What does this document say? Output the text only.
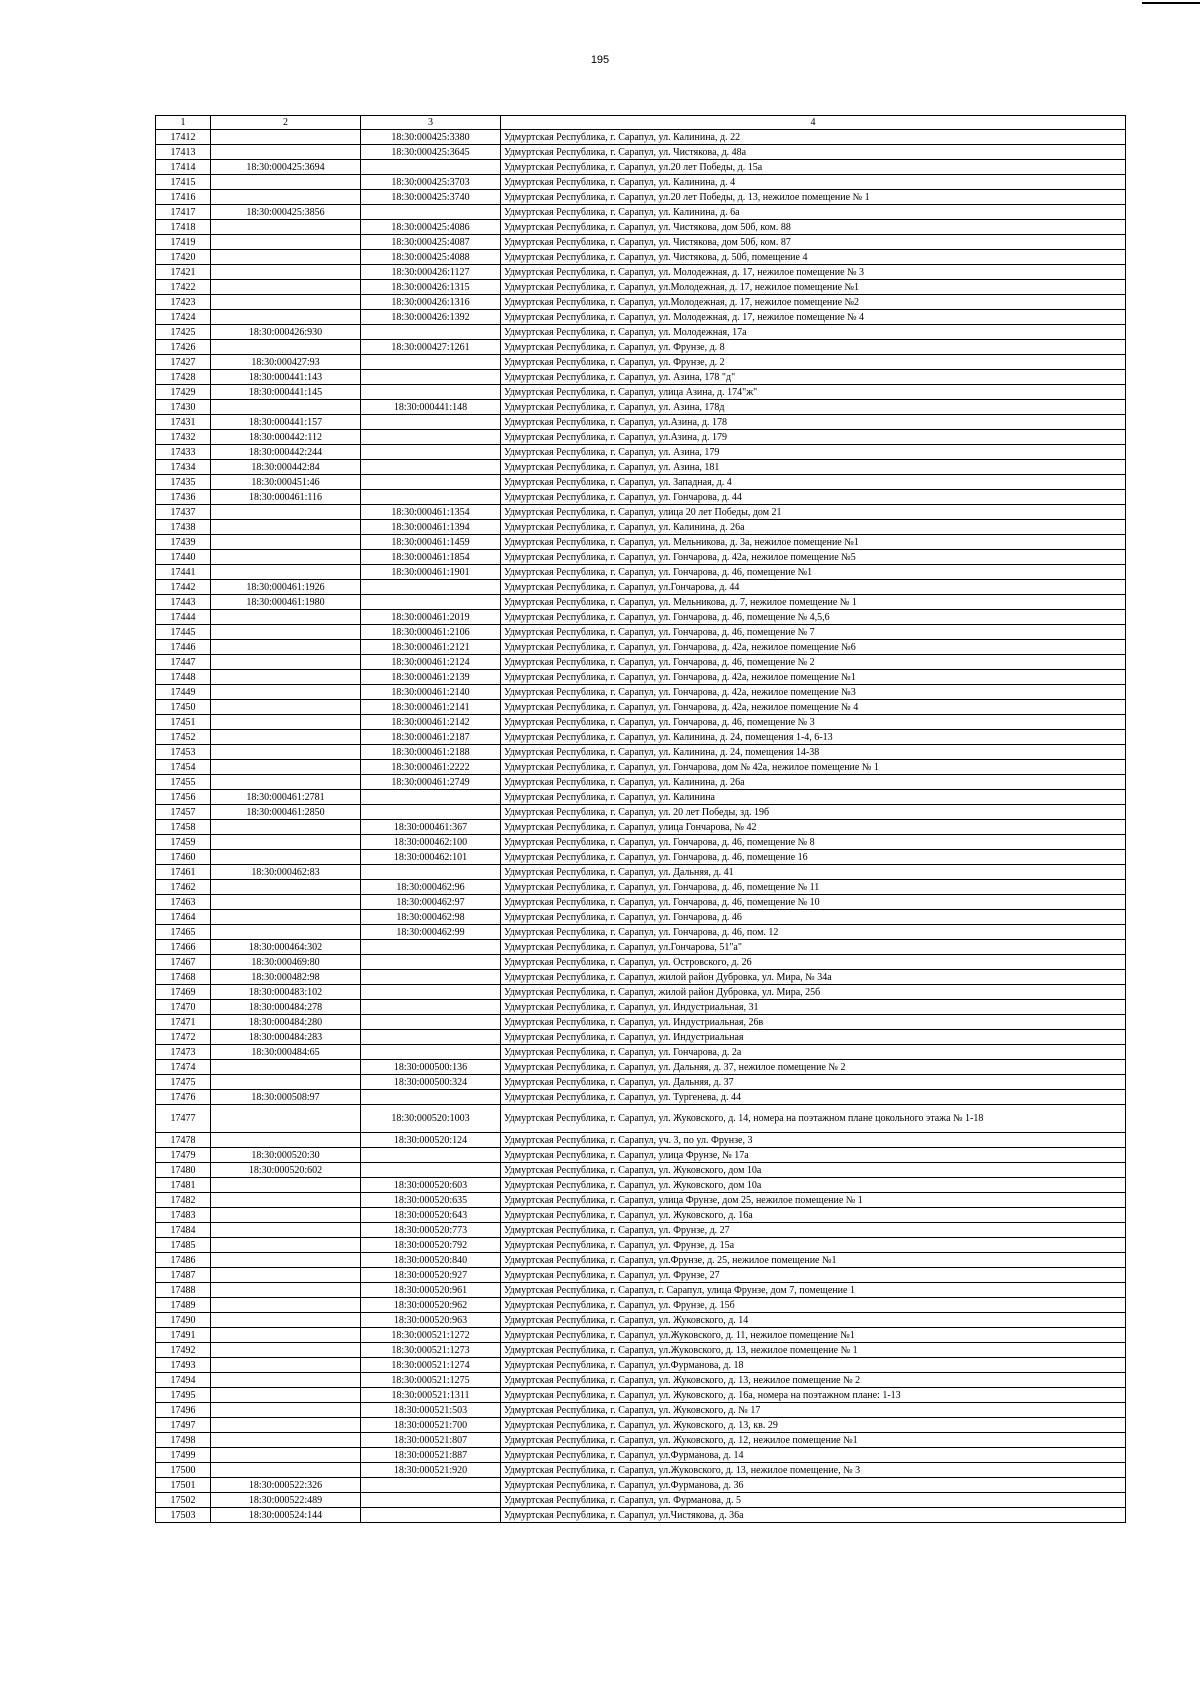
195
1	2	3	4
17412		18:30:000425:3380	Удмуртская Республика, г. Сарапул, ул. Калинина, д. 22
17413		18:30:000425:3645	Удмуртская Республика, г. Сарапул, ул. Чистякова, д. 48а
17414	18:30:000425:3694		Удмуртская Республика, г. Сарапул, ул.20 лет Победы, д. 15а
17415		18:30:000425:3703	Удмуртская Республика, г. Сарапул, ул. Калинина, д. 4
17416		18:30:000425:3740	Удмуртская Республика, г. Сарапул, ул.20 лет Победы, д. 13, нежилое помещение № 1
17417	18:30:000425:3856		Удмуртская Республика, г. Сарапул, ул. Калинина, д. 6а
17418		18:30:000425:4086	Удмуртская Республика, г. Сарапул, ул. Чистякова, дом 50б, ком. 88
17419		18:30:000425:4087	Удмуртская Республика, г. Сарапул, ул. Чистякова, дом 50б, ком. 87
17420		18:30:000425:4088	Удмуртская Республика, г. Сарапул, ул. Чистякова, д. 50б, помещение 4
17421		18:30:000426:1127	Удмуртская Республика, г. Сарапул, ул. Молодежная, д. 17, нежилое помещение № 3
17422		18:30:000426:1315	Удмуртская Республика, г. Сарапул, ул.Молодежная, д. 17, нежилое помещение №1
17423		18:30:000426:1316	Удмуртская Республика, г. Сарапул, ул.Молодежная, д. 17, нежилое помещение №2
17424		18:30:000426:1392	Удмуртская Республика, г. Сарапул, ул. Молодежная, д. 17, нежилое помещение № 4
17425	18:30:000426:930		Удмуртская Республика, г. Сарапул, ул. Молодежная, 17а
17426		18:30:000427:1261	Удмуртская Республика, г. Сарапул, ул. Фрунзе, д. 8
17427	18:30:000427:93		Удмуртская Республика, г. Сарапул, ул. Фрунзе, д. 2
17428	18:30:000441:143		Удмуртская Республика, г. Сарапул, ул. Азина, 178 "д"
17429	18:30:000441:145		Удмуртская Республика, г. Сарапул, улица Азина, д. 174"ж"
17430		18:30:000441:148	Удмуртская Республика, г. Сарапул, ул. Азина, 178д
17431	18:30:000441:157		Удмуртская Республика, г. Сарапул, ул.Азина, д. 178
17432	18:30:000442:112		Удмуртская Республика, г. Сарапул, ул.Азина, д. 179
17433	18:30:000442:244		Удмуртская Республика, г. Сарапул, ул. Азина, 179
17434	18:30:000442:84		Удмуртская Республика, г. Сарапул, ул. Азина, 181
17435	18:30:000451:46		Удмуртская Республика, г. Сарапул, ул. Западная, д. 4
17436	18:30:000461:116		Удмуртская Республика, г. Сарапул, ул. Гончарова, д. 44
17437		18:30:000461:1354	Удмуртская Республика, г. Сарапул, улица 20 лет Победы, дом 21
17438		18:30:000461:1394	Удмуртская Республика, г. Сарапул, ул. Калинина, д. 26а
17439		18:30:000461:1459	Удмуртская Республика, г. Сарапул, ул. Мельникова, д. 3а, нежилое помещение №1
17440		18:30:000461:1854	Удмуртская Республика, г. Сарапул, ул. Гончарова, д. 42а, нежилое помещение №5
17441		18:30:000461:1901	Удмуртская Республика, г. Сарапул, ул. Гончарова, д. 46, помещение №1
17442	18:30:000461:1926		Удмуртская Республика, г. Сарапул, ул.Гончарова, д. 44
17443	18:30:000461:1980		Удмуртская Республика, г. Сарапул, ул. Мельникова, д. 7, нежилое помещение № 1
17444		18:30:000461:2019	Удмуртская Республика, г. Сарапул, ул. Гончарова, д. 46, помещение № 4,5,6
17445		18:30:000461:2106	Удмуртская Республика, г. Сарапул, ул. Гончарова, д. 46, помещение № 7
17446		18:30:000461:2121	Удмуртская Республика, г. Сарапул, ул. Гончарова, д. 42а, нежилое помещение №6
17447		18:30:000461:2124	Удмуртская Республика, г. Сарапул, ул. Гончарова, д. 46, помещение № 2
17448		18:30:000461:2139	Удмуртская Республика, г. Сарапул, ул. Гончарова, д. 42а, нежилое помещение №1
17449		18:30:000461:2140	Удмуртская Республика, г. Сарапул, ул. Гончарова, д. 42а, нежилое помещение №3
17450		18:30:000461:2141	Удмуртская Республика, г. Сарапул, ул. Гончарова, д. 42а, нежилое помещение № 4
17451		18:30:000461:2142	Удмуртская Республика, г. Сарапул, ул. Гончарова, д. 46, помещение № 3
17452		18:30:000461:2187	Удмуртская Республика, г. Сарапул, ул. Калинина, д. 24, помещения 1-4, 6-13
17453		18:30:000461:2188	Удмуртская Республика, г. Сарапул, ул. Калинина, д. 24, помещения 14-38
17454		18:30:000461:2222	Удмуртская Республика, г. Сарапул, ул. Гончарова, дом № 42а, нежилое помещение № 1
17455		18:30:000461:2749	Удмуртская Республика, г. Сарапул, ул. Калинина, д. 26а
17456	18:30:000461:2781		Удмуртская Республика, г. Сарапул, ул. Калинина
17457	18:30:000461:2850		Удмуртская Республика, г. Сарапул, ул. 20 лет Победы, зд. 19б
17458		18:30:000461:367	Удмуртская Республика, г. Сарапул, улица Гончарова, № 42
17459		18:30:000462:100	Удмуртская Республика, г. Сарапул, ул. Гончарова, д. 46, помещение № 8
17460		18:30:000462:101	Удмуртская Республика, г. Сарапул, ул. Гончарова, д. 46, помещение 16
17461	18:30:000462:83		Удмуртская Республика, г. Сарапул, ул. Дальняя, д. 41
17462		18:30:000462:96	Удмуртская Республика, г. Сарапул, ул. Гончарова, д. 46, помещение № 11
17463		18:30:000462:97	Удмуртская Республика, г. Сарапул, ул. Гончарова, д. 46, помещение № 10
17464		18:30:000462:98	Удмуртская Республика, г. Сарапул, ул. Гончарова, д. 46
17465		18:30:000462:99	Удмуртская Республика, г. Сарапул, ул. Гончарова, д. 46, пом. 12
17466	18:30:000464:302		Удмуртская Республика, г. Сарапул, ул.Гончарова, 51"а"
17467	18:30:000469:80		Удмуртская Республика, г. Сарапул, ул. Островского, д. 26
17468	18:30:000482:98		Удмуртская Республика, г. Сарапул, жилой район Дубровка, ул. Мира, № 34а
17469	18:30:000483:102		Удмуртская Республика, г. Сарапул, жилой район Дубровка, ул. Мира, 25б
17470	18:30:000484:278		Удмуртская Республика, г. Сарапул, ул. Индустриальная, 31
17471	18:30:000484:280		Удмуртская Республика, г. Сарапул, ул. Индустриальная, 26в
17472	18:30:000484:283		Удмуртская Республика, г. Сарапул, ул. Индустриальная
17473	18:30:000484:65		Удмуртская Республика, г. Сарапул, ул. Гончарова, д. 2а
17474		18:30:000500:136	Удмуртская Республика, г. Сарапул, ул. Дальняя, д. 37, нежилое помещение № 2
17475		18:30:000500:324	Удмуртская Республика, г. Сарапул, ул. Дальняя, д. 37
17476	18:30:000508:97		Удмуртская Республика, г. Сарапул, ул. Тургенева, д. 44
17477		18:30:000520:1003	Удмуртская Республика, г. Сарапул, ул. Жуковского, д. 14, номера на поэтажном плане цокольного этажа № 1-18
17478		18:30:000520:124	Удмуртская Республика, г. Сарапул, уч. 3, по ул. Фрунзе, 3
17479	18:30:000520:30		Удмуртская Республика, г. Сарапул, улица Фрунзе, № 17а
17480	18:30:000520:602		Удмуртская Республика, г. Сарапул, ул. Жуковского, дом 10а
17481		18:30:000520:603	Удмуртская Республика, г. Сарапул, ул. Жуковского, дом 10а
17482		18:30:000520:635	Удмуртская Республика, г. Сарапул, улица Фрунзе, дом 25, нежилое помещение № 1
17483		18:30:000520:643	Удмуртская Республика, г. Сарапул, ул. Жуковского, д. 16а
17484		18:30:000520:773	Удмуртская Республика, г. Сарапул, ул. Фрунзе, д. 27
17485		18:30:000520:792	Удмуртская Республика, г. Сарапул, ул. Фрунзе, д. 15а
17486		18:30:000520:840	Удмуртская Республика, г. Сарапул, ул.Фрунзе, д. 25, нежилое помещение №1
17487		18:30:000520:927	Удмуртская Республика, г. Сарапул, ул. Фрунзе, 27
17488		18:30:000520:961	Удмуртская Республика, г. Сарапул, г. Сарапул, улица Фрунзе, дом 7, помещение 1
17489		18:30:000520:962	Удмуртская Республика, г. Сарапул, ул. Фрунзе, д. 15б
17490		18:30:000520:963	Удмуртская Республика, г. Сарапул, ул. Жуковского, д. 14
17491		18:30:000521:1272	Удмуртская Республика, г. Сарапул, ул.Жуковского, д. 11, нежилое помещение №1
17492		18:30:000521:1273	Удмуртская Республика, г. Сарапул, ул.Жуковского, д. 13, нежилое помещение № 1
17493		18:30:000521:1274	Удмуртская Республика, г. Сарапул, ул.Фурманова, д. 18
17494		18:30:000521:1275	Удмуртская Республика, г. Сарапул, ул. Жуковского, д. 13, нежилое помещение № 2
17495		18:30:000521:1311	Удмуртская Республика, г. Сарапул, ул. Жуковского, д. 16а, номера на поэтажном плане: 1-13
17496		18:30:000521:503	Удмуртская Республика, г. Сарапул, ул. Жуковского, д. № 17
17497		18:30:000521:700	Удмуртская Республика, г. Сарапул, ул. Жуковского, д. 13, кв. 29
17498		18:30:000521:807	Удмуртская Республика, г. Сарапул, ул. Жуковского, д. 12, нежилое помещение №1
17499		18:30:000521:887	Удмуртская Республика, г. Сарапул, ул.Фурманова, д. 14
17500		18:30:000521:920	Удмуртская Республика, г. Сарапул, ул.Жуковского, д. 13, нежилое помещение, № 3
17501	18:30:000522:326		Удмуртская Республика, г. Сарапул, ул.Фурманова, д. 36
17502	18:30:000522:489		Удмуртская Республика, г. Сарапул, ул. Фурманова, д. 5
17503	18:30:000524:144		Удмуртская Республика, г. Сарапул, ул.Чистякова, д. 36а
